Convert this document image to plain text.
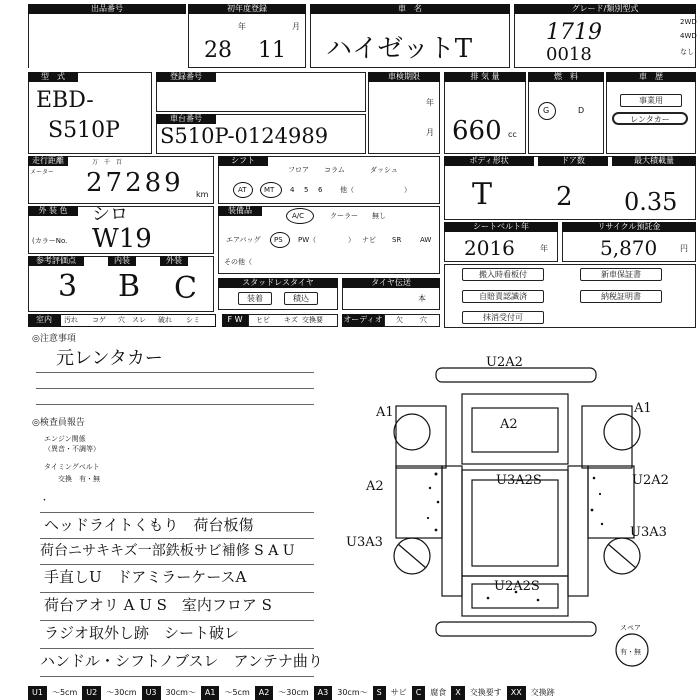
出品番号	初年度登録
年	月
28 11
車　名
ハイゼットT
グレード/類別型式
1719
0018
2WD
4WD
なし
型　式
EBD-
S510P
登録番号
車台番号
S510P-0124989
車検期限
年
月
排 気 量
660 cc
燃　料
G	D
車　歴
事業用
レンタカー
走行距離
メーター
万　千　百
27289 km
シフト
フロア コラム	ダッシュ
AT MT 4 5 6	他（	）
ボディ形状	ドア数	最大積載量
T 2 0.35
外 装 色	シロ
(カラーNo. W19
装備品
A/C	クーラー 無し
エアバッグ PS PW（	） ナビ SR	AW
その他（
シートベルト年
2016	年
リサイクル預託金
5,870	円
参考評価点	内装	外装
3 B C	スタッドレスタイヤ
装着	積込
タイヤ伝送
本
搬入時看板付	新車保証書
自賠責認識済	納税証明書
抹消受付可
室内	汚れ コゲ 穴 スレ 破れ シミ	F W	ヒビ キズ 交換要	オーディオ 欠 穴
◎注意事項
元レンタカー
◎検査員報告
エンジン関係
（異音・不調等）
タイミングベルト
交換　有・無
・
ヘッドライトくもり　荷台板傷
荷台ニサキキズ一部鉄板サビ補修 S A U
手直しU　ドアミラーケースA
荷台アオリ A U S　室内フロア S
ラジオ取外し跡　シート破レ
ハンドル・シフトノブスレ　アンテナ曲り
U2A2
A2
A1	A1
A2	U2A2
U3A2S
U3A3
U3A3
U2A2S
スペア
有・無
U1	～5cm	U2	～30cm	U3	30cm～	A1	～5cm	A2	～30cm	A3	30cm～	S	サビ	C	腐食	X	交換要す	XX	交換跡
